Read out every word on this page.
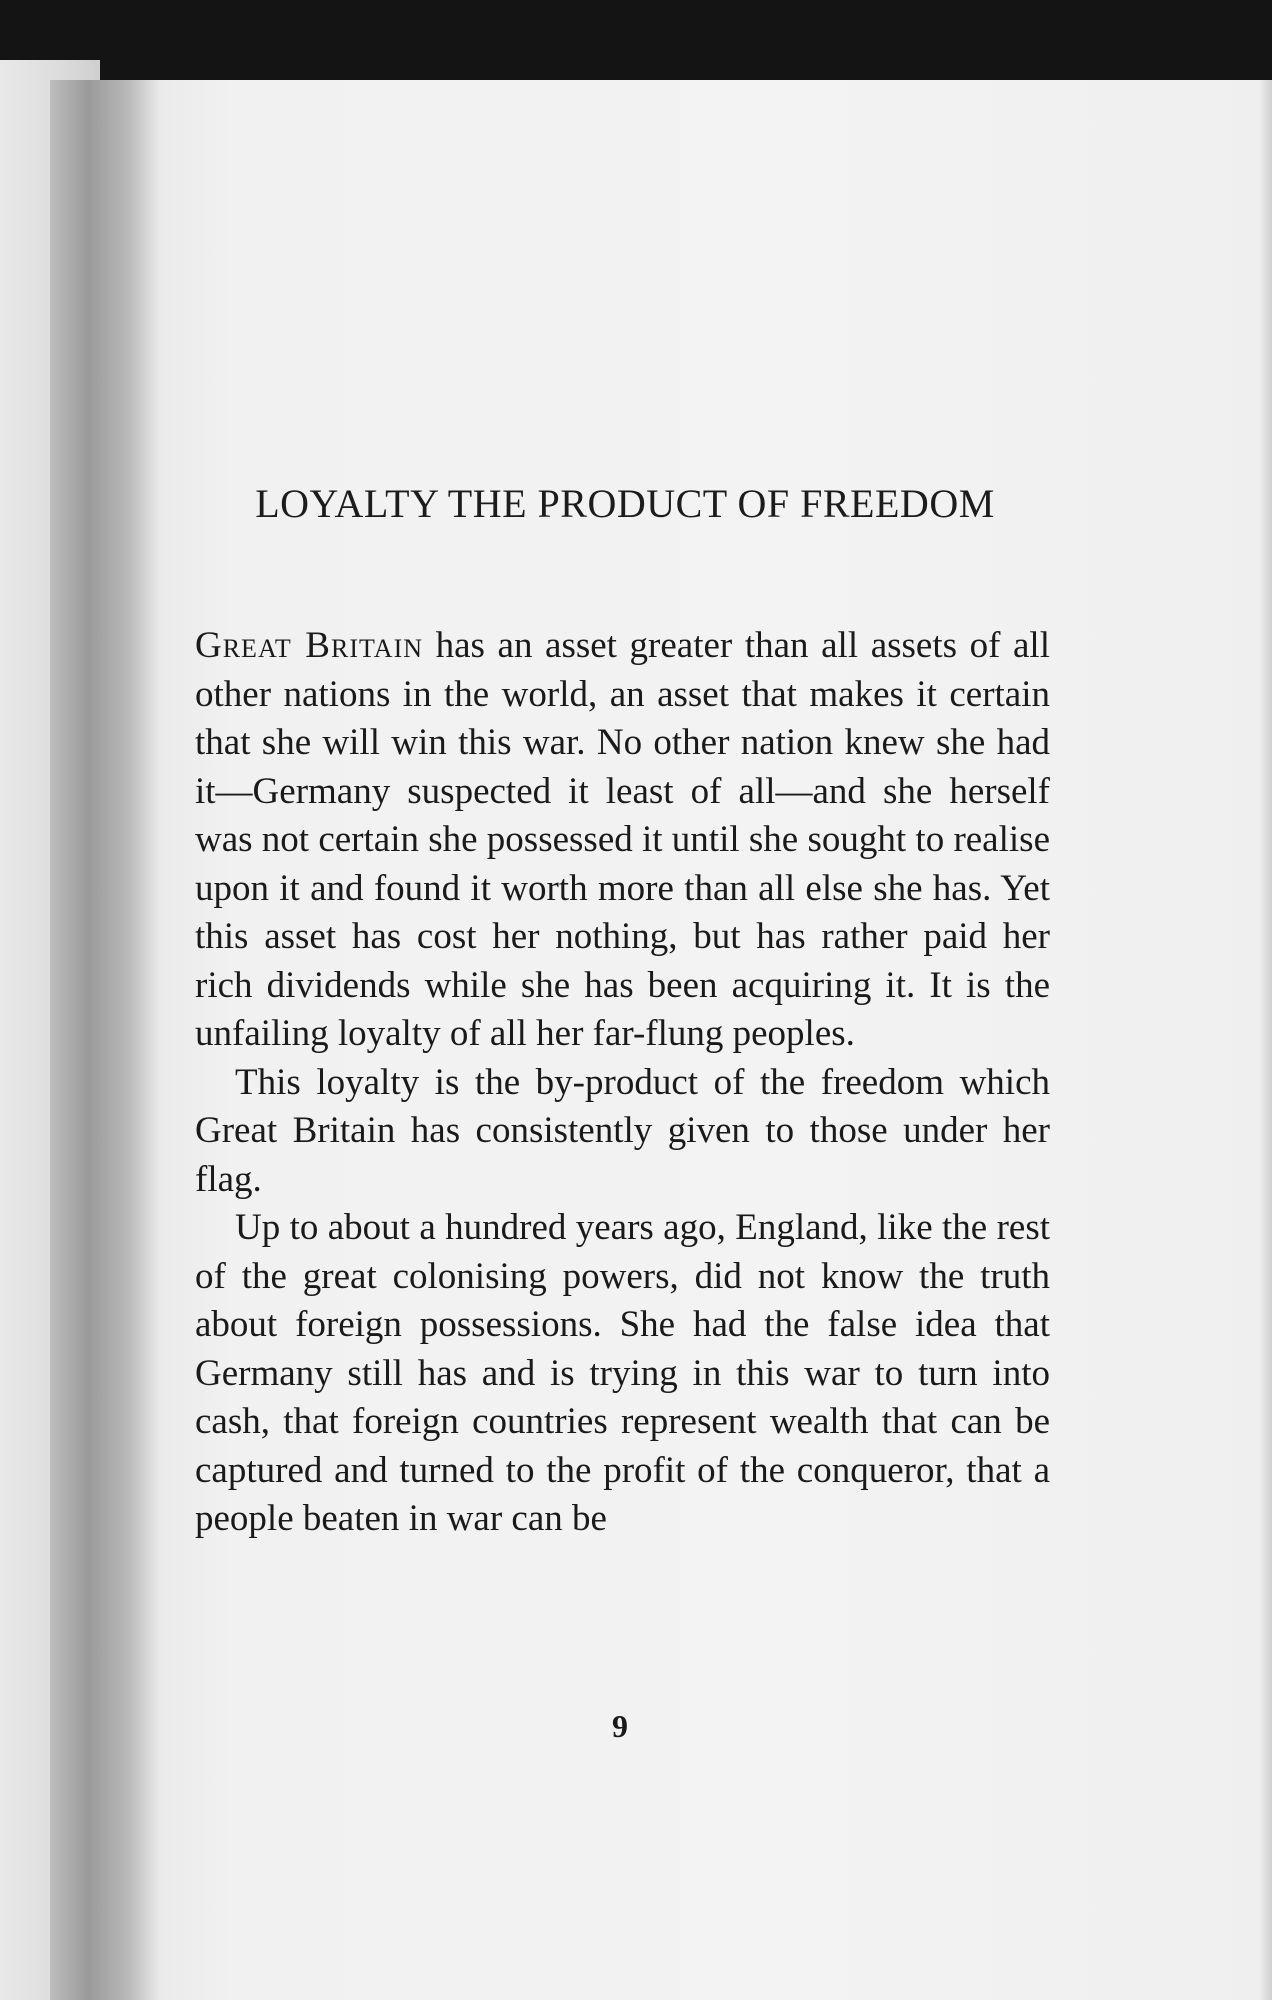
LOYALTY THE PRODUCT OF FREEDOM

Great Britain has an asset greater than all assets of all other nations in the world, an asset that makes it certain that she will win this war. No other nation knew she had it—Germany suspected it least of all—and she herself was not certain she possessed it until she sought to realise upon it and found it worth more than all else she has. Yet this asset has cost her nothing, but has rather paid her rich dividends while she has been acquiring it. It is the unfailing loyalty of all her far-flung peoples.

This loyalty is the by-product of the freedom which Great Britain has consistently given to those under her flag.

Up to about a hundred years ago, England, like the rest of the great colonising powers, did not know the truth about foreign possessions. She had the false idea that Germany still has and is trying in this war to turn into cash, that foreign countries represent wealth that can be captured and turned to the profit of the conqueror, that a people beaten in war can be

9
